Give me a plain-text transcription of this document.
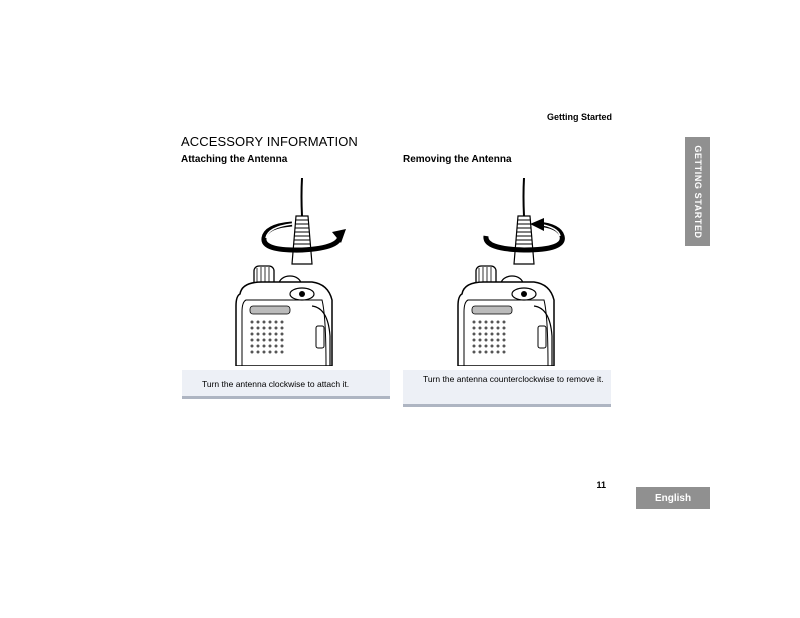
Getting Started
ACCESSORY INFORMATION
Attaching the Antenna	Removing the Antenna	GETTING STARTED
Turn the antenna clockwise to attach it.	Turn the antenna counterclockwise to remove it.
11
English
